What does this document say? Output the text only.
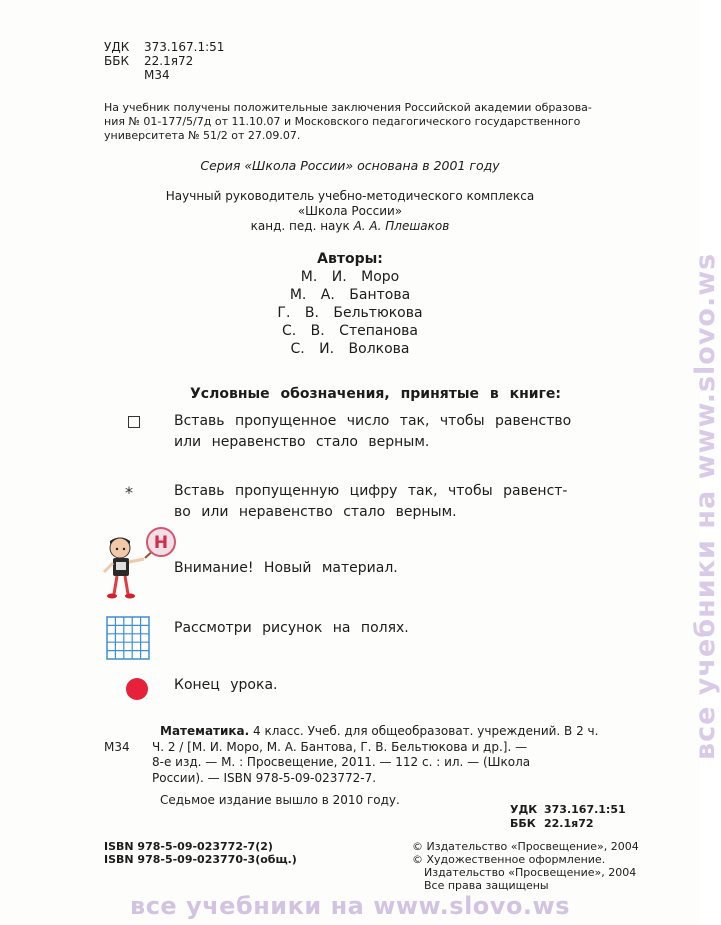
УДК 373.167.1:51
ББК 22.1я72
М34
На учебник получены положительные заключения Российской академии образова-
ния № 01-177/5/7д от 11.10.07 и Московского педагогического государственного
университета № 51/2 от 27.09.07.
Серия «Школа России» основана в 2001 году
Научный руководитель учебно-методического комплекса
«Школа России»
канд. пед. наук А. А. Плешаков
Авторы:
М. И. Моро
М. А. Бантова
Г. В. Бельтюкова
С. В. Степанова
С. И. Волкова
Условные обозначения, принятые в книге:
Вставь пропущенное число так, чтобы равенство
или неравенство стало верным.
*	Вставь пропущенную цифру так, чтобы равенст-
во или неравенство стало верным.
Н
Внимание! Новый материал.
Рассмотри рисунок на полях.
Конец урока.
Математика. 4 класс. Учеб. для общеобразоват. учреждений. В 2 ч.
М34	Ч. 2 / [М. И. Моро, М. А. Бантова, Г. В. Бельтюкова и др.]. —
8-е изд. — М. : Просвещение, 2011. — 112 с. : ил. — (Школа
России). — ISBN 978-5-09-023772-7.
Седьмое издание вышло в 2010 году.
УДК 373.167.1:51
ББК 22.1я72
ISBN 978-5-09-023772-7(2)
ISBN 978-5-09-023770-3(общ.)
© Издательство «Просвещение», 2004
© Художественное оформление.
Издательство «Просвещение», 2004
Все права защищены
все учебники на www.slovo.ws
все учебники на www.slovo.ws
